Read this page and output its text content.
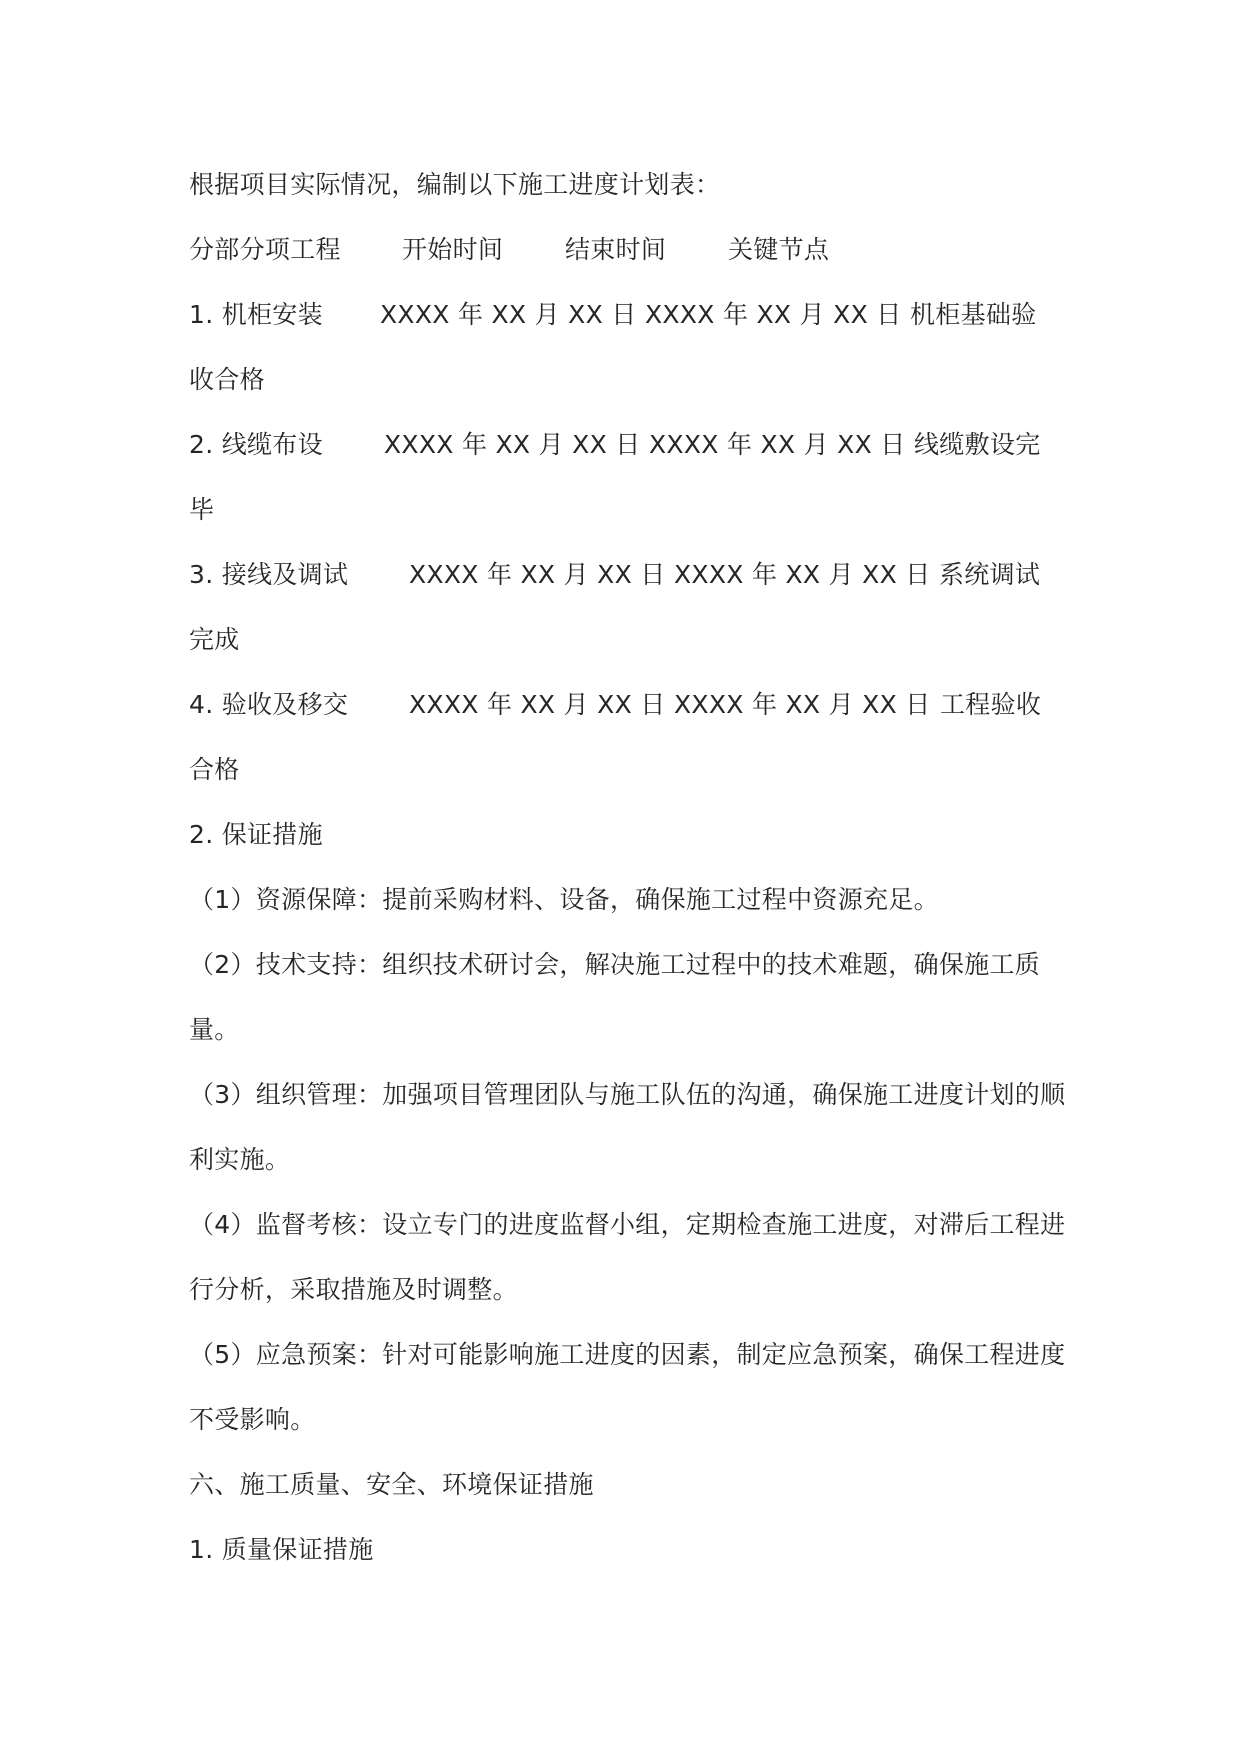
根据项目实际情况，编制以下施工进度计划表：

分部分项工程

开始时间

结束时间

关键节点

1. 机柜安装

XXXX 年 XX 月 XX 日

XXXX 年 XX 月 XX 日

机柜基础验

收合格

2. 线缆布设

XXXX 年 XX 月 XX 日

XXXX 年 XX 月 XX 日

线缆敷设完

毕

3. 接线及调试

XXXX 年 XX 月 XX 日

XXXX 年 XX 月 XX 日

系统调试

完成

4. 验收及移交

XXXX 年 XX 月 XX 日

XXXX 年 XX 月 XX 日

工程验收

合格
2. 保证措施
（1）资源保障：提前采购材料、设备，确保施工过程中资源充足。
（2）技术支持：组织技术研讨会，解决施工过程中的技术难题，确保施工质
量。
（3）组织管理：加强项目管理团队与施工队伍的沟通，确保施工进度计划的顺
利实施。
（4）监督考核：设立专门的进度监督小组，定期检查施工进度，对滞后工程进
行分析，采取措施及时调整。
（5）应急预案：针对可能影响施工进度的因素，制定应急预案，确保工程进度
不受影响。
六、施工质量、安全、环境保证措施
1. 质量保证措施
